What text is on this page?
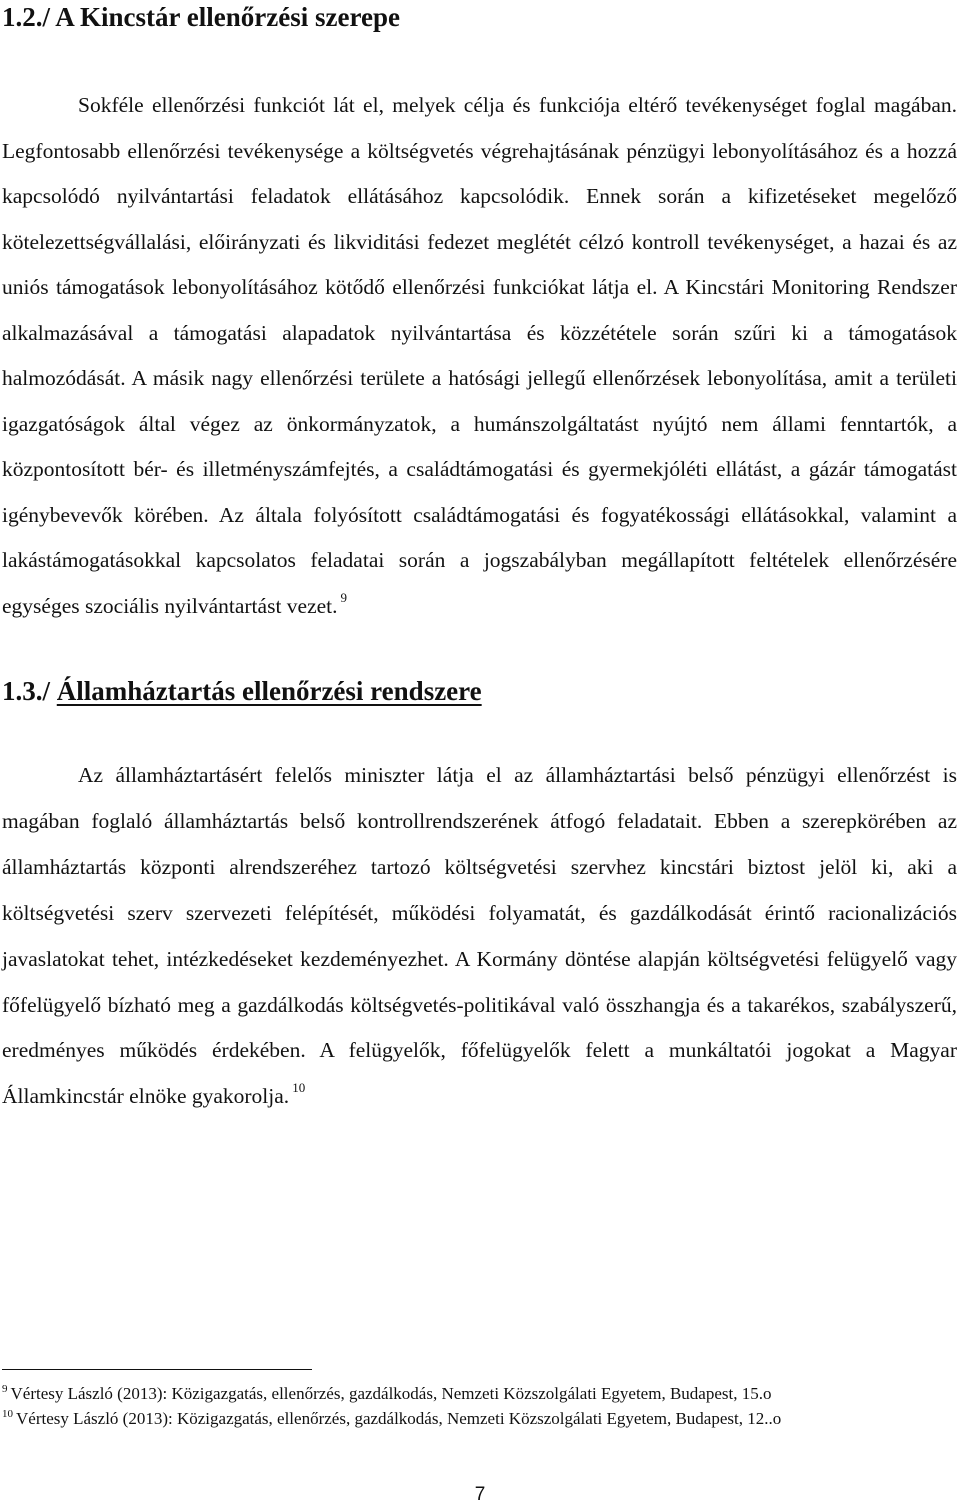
1.2./ A Kincstár ellenőrzési szerepe

Sokféle ellenőrzési funkciót lát el, melyek célja és funkciója eltérő tevékenységet foglal magában. Legfontosabb ellenőrzési tevékenysége a költségvetés végrehajtásának pénzügyi lebonyolításához és a hozzá kapcsolódó nyilvántartási feladatok ellátásához kapcsolódik. Ennek során a kifizetéseket megelőző kötelezettségvállalási, előirányzati és likviditási fedezet meglétét célzó kontroll tevékenységet, a hazai és az uniós támogatások lebonyolításához kötődő ellenőrzési funkciókat látja el. A Kincstári Monitoring Rendszer alkalmazásával a támogatási alapadatok nyilvántartása és közzététele során szűri ki a támogatások halmozódását. A másik nagy ellenőrzési területe a hatósági jellegű ellenőrzések lebonyolítása, amit a területi igazgatóságok által végez az önkormányzatok, a humánszolgáltatást nyújtó nem állami fenntartók, a központosított bér- és illetményszámfejtés, a családtámogatási és gyermekjóléti ellátást, a gázár támogatást igénybevevők körében. Az általa folyósított családtámogatási és fogyatékossági ellátásokkal, valamint a lakástámogatásokkal kapcsolatos feladatai során a jogszabályban megállapított feltételek ellenőrzésére egységes szociális nyilvántartást vezet. $^9$

1.3./ Államháztartás ellenőrzési rendszere

Az államháztartásért felelős miniszter látja el az államháztartási belső pénzügyi ellenőrzést is magában foglaló államháztartás belső kontrollrendszerének átfogó feladatait. Ebben a szerepkörében az államháztartás központi alrendszeréhez tartozó költségvetési szervhez kincstári biztost jelöl ki, aki a költségvetési szerv szervezeti felépítését, működési folyamatát, és gazdálkodását érintő racionalizációs javaslatokat tehet, intézkedéseket kezdeményezhet. A Kormány döntése alapján költségvetési felügyelő vagy főfelügyelő bízható meg a gazdálkodás költségvetés-politikával való összhangja és a takarékos, szabályszerű, eredményes működés érdekében. A felügyelők, főfelügyelők felett a munkáltatói jogokat a Magyar Államkincstár elnöke gyakorolja. $^{10}$

$^9$ Vértesy László (2013): Közigazgatás, ellenőrzés, gazdálkodás, Nemzeti Közszolgálati Egyetem, Budapest, 15.o

$^{10}$ Vértesy László (2013): Közigazgatás, ellenőrzés, gazdálkodás, Nemzeti Közszolgálati Egyetem, Budapest, 12..o

7
